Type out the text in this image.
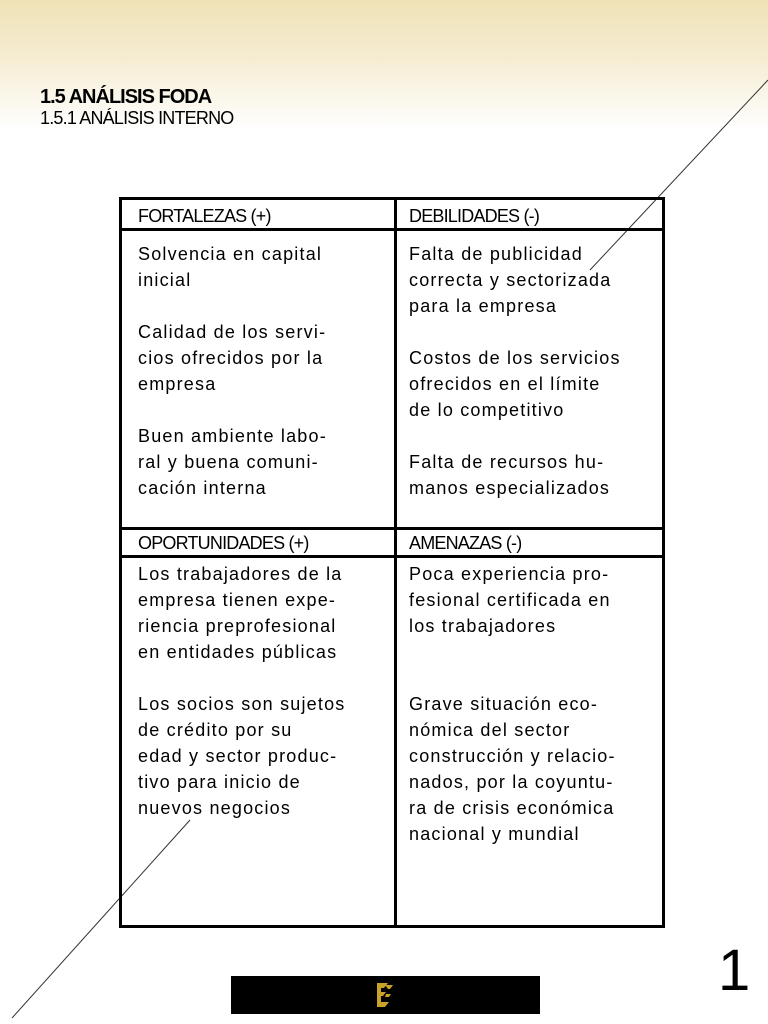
1.5 ANÁLISIS FODA
1.5.1 ANÁLISIS INTERNO
FORTALEZAS (+)	DEBILIDADES (-)
OPORTUNIDADES (+)	AMENAZAS (-)
Solvencia en capital
inicial
Calidad de los servi-
cios ofrecidos por la
empresa
Buen ambiente labo-
ral y buena comuni-
cación interna
Falta de publicidad
correcta y sectorizada
para la empresa
Costos de los servicios
ofrecidos en el límite
de lo competitivo
Falta de recursos hu-
manos especializados
Los trabajadores de la
empresa tienen expe-
riencia preprofesional
en entidades públicas
Los socios son sujetos
de crédito por su
edad y sector produc-
tivo para inicio de
nuevos negocios
Poca experiencia pro-
fesional certificada en
los trabajadores
Grave situación eco-
nómica del sector
construcción y relacio-
nados, por la coyuntu-
ra de crisis económica
nacional y mundial
1
